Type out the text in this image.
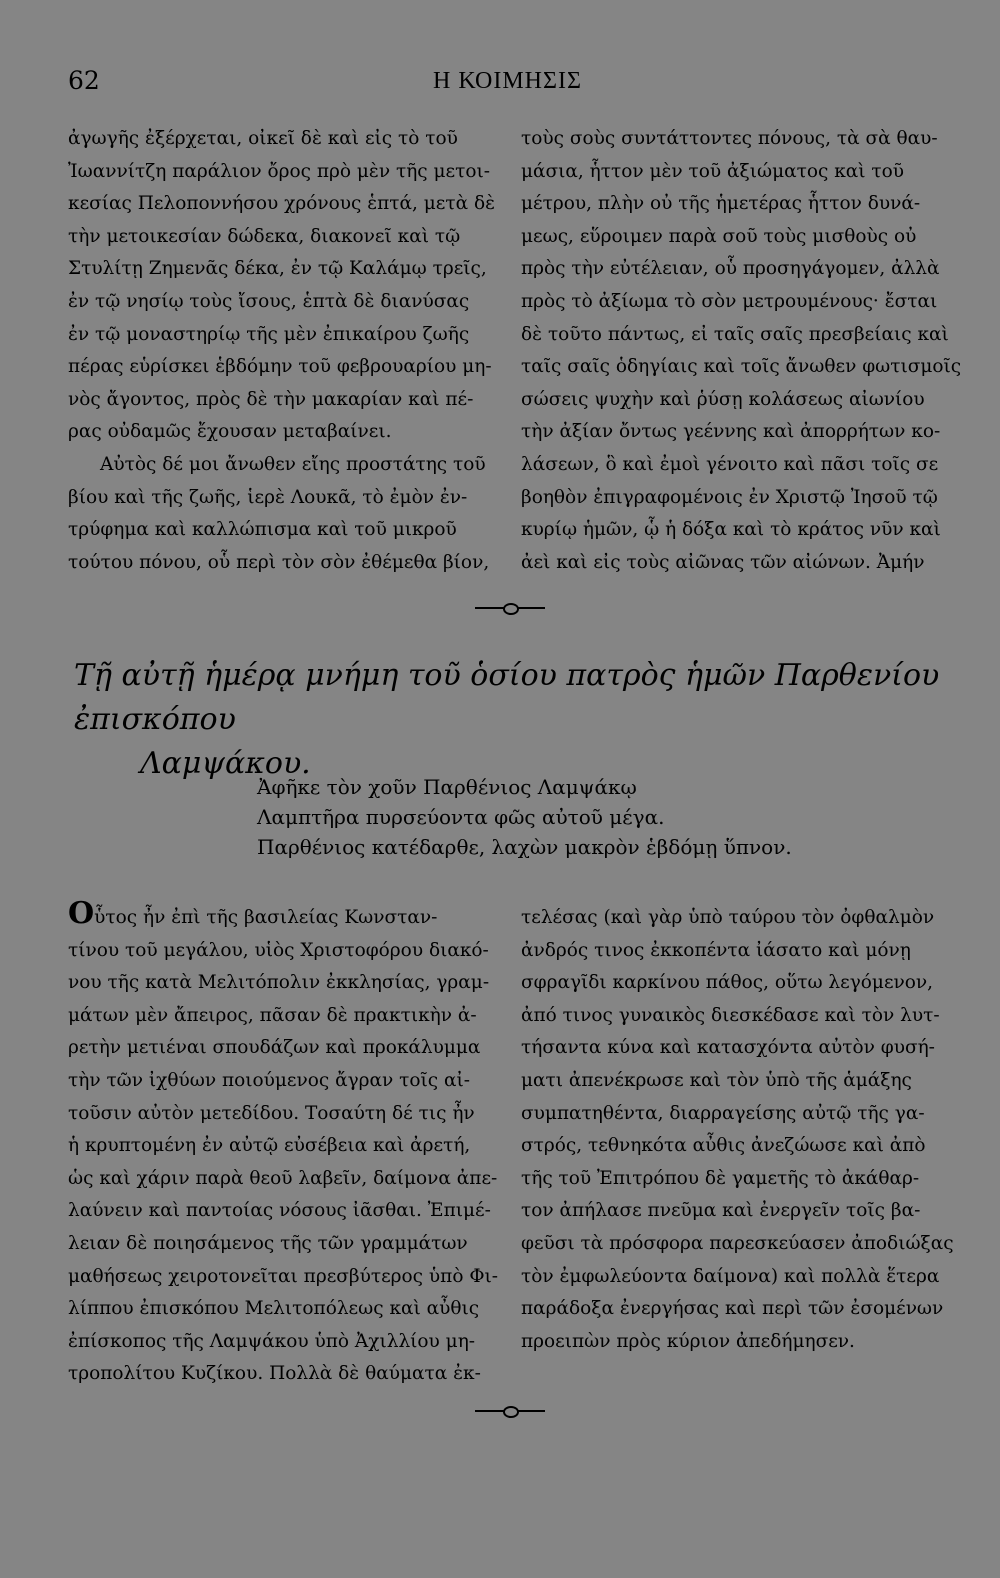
62	Η ΚΟΙΜΗΣΙΣ
ἀγωγῆς ἐξέρχεται, οἰκεῖ δὲ καὶ εἰς τὸ τοῦ
Ἰωαννίτζη παράλιον ὄρος πρὸ μὲν τῆς μετοι-
κεσίας Πελοποννήσου χρόνους ἑπτά, μετὰ δὲ
τὴν μετοικεσίαν δώδεκα, διακονεῖ καὶ τῷ
Στυλίτῃ Ζημενᾶς δέκα, ἐν τῷ Καλάμῳ τρεῖς,
ἐν τῷ νησίῳ τοὺς ἴσους, ἑπτὰ δὲ διανύσας
ἐν τῷ μοναστηρίῳ τῆς μὲν ἐπικαίρου ζωῆς
πέρας εὑρίσκει ἑβδόμην τοῦ φεβρουαρίου μη-
νὸς ἄγοντος, πρὸς δὲ τὴν μακαρίαν καὶ πέ-
ρας οὐδαμῶς ἔχουσαν μεταβαίνει.
Αὐτὸς δέ μοι ἄνωθεν εἴης προστάτης τοῦ
βίου καὶ τῆς ζωῆς, ἱερὲ Λουκᾶ, τὸ ἐμὸν ἐν-
τρύφημα καὶ καλλώπισμα καὶ τοῦ μικροῦ
τούτου πόνου, οὗ περὶ τὸν σὸν ἐθέμεθα βίον,
τοὺς σοὺς συντάττοντες πόνους, τὰ σὰ θαυ-
μάσια, ἧττον μὲν τοῦ ἀξιώματος καὶ τοῦ
μέτρου, πλὴν οὐ τῆς ἡμετέρας ἧττον δυνά-
μεως, εὕροιμεν παρὰ σοῦ τοὺς μισθοὺς οὐ
πρὸς τὴν εὐτέλειαν, οὗ προσηγάγομεν, ἀλλὰ
πρὸς τὸ ἀξίωμα τὸ σὸν μετρουμένους· ἔσται
δὲ τοῦτο πάντως, εἰ ταῖς σαῖς πρεσβείαις καὶ
ταῖς σαῖς ὁδηγίαις καὶ τοῖς ἄνωθεν φωτισμοῖς
σώσεις ψυχὴν καὶ ῥύσῃ κολάσεως αἰωνίου
τὴν ἀξίαν ὄντως γεέννης καὶ ἀπορρήτων κο-
λάσεων, ὃ καὶ ἐμοὶ γένοιτο καὶ πᾶσι τοῖς σε
βοηθὸν ἐπιγραφομένοις ἐν Χριστῷ Ἰησοῦ τῷ
κυρίῳ ἡμῶν, ᾧ ἡ δόξα καὶ τὸ κράτος νῦν καὶ
ἀεὶ καὶ εἰς τοὺς αἰῶνας τῶν αἰώνων. Ἀμήν
Τῇ αὐτῇ ἡμέρᾳ μνήμη τοῦ ὁσίου πατρὸς ἡμῶν Παρθενίου ἐπισκόπου
Λαμψάκου.
Ἀφῆκε τὸν χοῦν Παρθένιος Λαμψάκῳ
Λαμπτῆρα πυρσεύοντα φῶς αὐτοῦ μέγα.
Παρθένιος κατέδαρθε, λαχὼν μακρὸν ἑβδόμῃ ὕπνον.
Οὗτος ἦν ἐπὶ τῆς βασιλείας Κωνσταν-
τίνου τοῦ μεγάλου, υἱὸς Χριστοφόρου διακό-
νου τῆς κατὰ Μελιτόπολιν ἐκκλησίας, γραμ-
μάτων μὲν ἄπειρος, πᾶσαν δὲ πρακτικὴν ἀ-
ρετὴν μετιέναι σπουδάζων καὶ προκάλυμμα
τὴν τῶν ἰχθύων ποιούμενος ἄγραν τοῖς αἰ-
τοῦσιν αὐτὸν μετεδίδου. Τοσαύτη δέ τις ἦν
ἡ κρυπτομένη ἐν αὐτῷ εὐσέβεια καὶ ἀρετή,
ὡς καὶ χάριν παρὰ θεοῦ λαβεῖν, δαίμονα ἀπε-
λαύνειν καὶ παντοίας νόσους ἰᾶσθαι. Ἐπιμέ-
λειαν δὲ ποιησάμενος τῆς τῶν γραμμάτων
μαθήσεως χειροτονεῖται πρεσβύτερος ὑπὸ Φι-
λίππου ἐπισκόπου Μελιτοπόλεως καὶ αὖθις
ἐπίσκοπος τῆς Λαμψάκου ὑπὸ Ἀχιλλίου μη-
τροπολίτου Κυζίκου. Πολλὰ δὲ θαύματα ἐκ-
τελέσας (καὶ γὰρ ὑπὸ ταύρου τὸν ὀφθαλμὸν
ἀνδρός τινος ἐκκοπέντα ἰάσατο καὶ μόνῃ
σφραγῖδι καρκίνου πάθος, οὕτω λεγόμενον,
ἀπό τινος γυναικὸς διεσκέδασε καὶ τὸν λυτ-
τήσαντα κύνα καὶ κατασχόντα αὐτὸν φυσή-
ματι ἀπενέκρωσε καὶ τὸν ὑπὸ τῆς ἁμάξης
συμπατηθέντα, διαρραγείσης αὐτῷ τῆς γα-
στρός, τεθνηκότα αὖθις ἀνεζώωσε καὶ ἀπὸ
τῆς τοῦ Ἐπιτρόπου δὲ γαμετῆς τὸ ἀκάθαρ-
τον ἀπήλασε πνεῦμα καὶ ἐνεργεῖν τοῖς βα-
φεῦσι τὰ πρόσφορα παρεσκεύασεν ἀποδιώξας
τὸν ἐμφωλεύοντα δαίμονα) καὶ πολλὰ ἕτερα
παράδοξα ἐνεργήσας καὶ περὶ τῶν ἐσομένων
προειπὼν πρὸς κύριον ἀπεδήμησεν.
